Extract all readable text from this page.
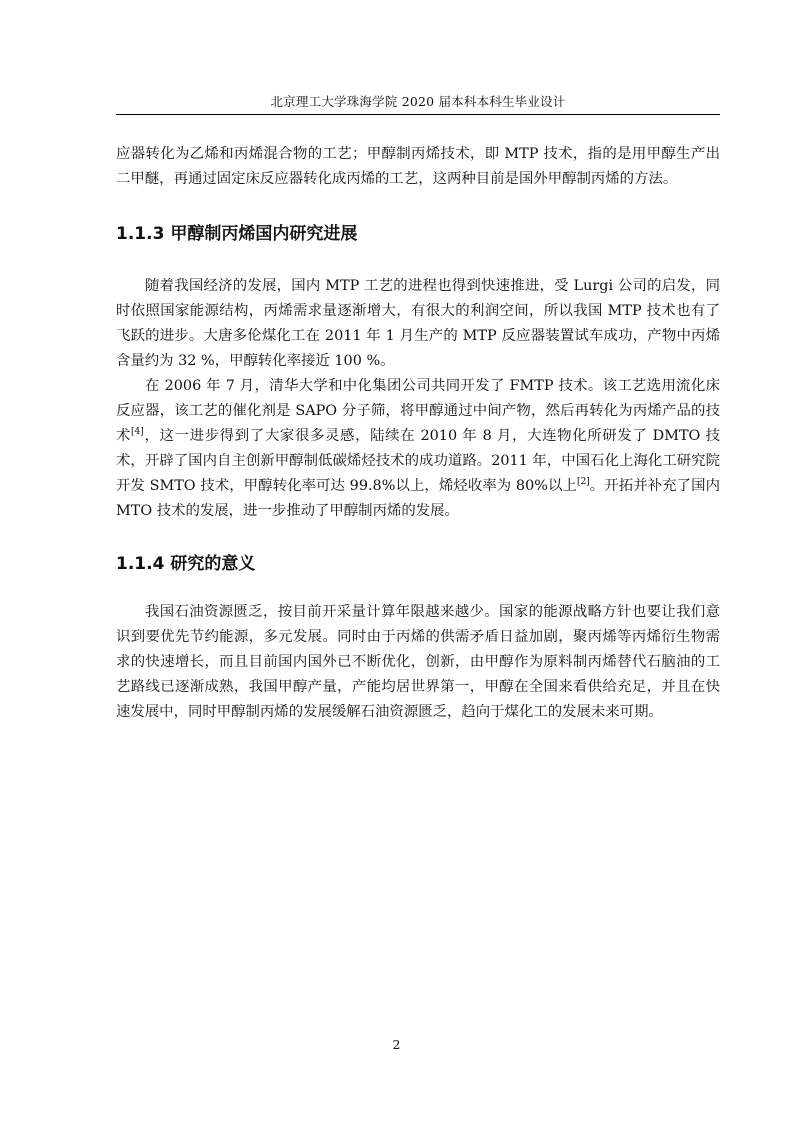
北京理工大学珠海学院 2020 届本科本科生毕业设计

应器转化为乙烯和丙烯混合物的工艺；甲醇制丙烯技术，即 MTP 技术，指的是用甲醇生产出二甲醚，再通过固定床反应器转化成丙烯的工艺，这两种目前是国外甲醇制丙烯的方法。

1.1.3 甲醇制丙烯国内研究进展

随着我国经济的发展，国内 MTP 工艺的进程也得到快速推进，受 Lurgi 公司的启发，同时依照国家能源结构，丙烯需求量逐渐增大，有很大的利润空间，所以我国 MTP 技术也有了飞跃的进步。大唐多伦煤化工在 2011 年 1 月生产的 MTP 反应器装置试车成功，产物中丙烯含量约为 32 %，甲醇转化率接近 100 %。

在 2006 年 7 月，清华大学和中化集团公司共同开发了 FMTP 技术。该工艺选用流化床反应器，该工艺的催化剂是 SAPO 分子筛，将甲醇通过中间产物，然后再转化为丙烯产品的技术[4]，这一进步得到了大家很多灵感，陆续在 2010 年 8 月，大连物化所研发了 DMTO 技术，开辟了国内自主创新甲醇制低碳烯烃技术的成功道路。2011 年，中国石化上海化工研究院开发 SMTO 技术，甲醇转化率可达 99.8%以上，烯烃收率为 80%以上[2]。开拓并补充了国内 MTO 技术的发展，进一步推动了甲醇制丙烯的发展。

1.1.4 研究的意义

我国石油资源匮乏，按目前开采量计算年限越来越少。国家的能源战略方针也要让我们意识到要优先节约能源，多元发展。同时由于丙烯的供需矛盾日益加剧，聚丙烯等丙烯衍生物需求的快速增长，而且目前国内国外已不断优化，创新，由甲醇作为原料制丙烯替代石脑油的工艺路线已逐渐成熟，我国甲醇产量，产能均居世界第一，甲醇在全国来看供给充足，并且在快速发展中，同时甲醇制丙烯的发展缓解石油资源匮乏，趋向于煤化工的发展未来可期。

2
